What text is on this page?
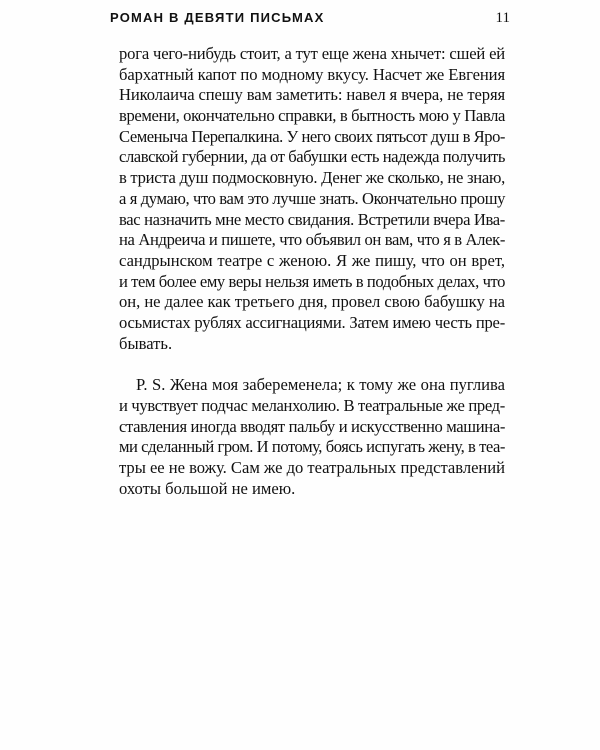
РОМАН В ДЕВЯТИ ПИСЬМАХ	11
рога чего-нибудь стоит, а тут еще жена хнычет: сшей ей
бархатный капот по модному вкусу. Насчет же Евгения
Николаича спешу вам заметить: навел я вчера, не теряя
времени, окончательно справки, в бытность мою у Павла
Семеныча Перепалкина. У него своих пятьсот душ в Яро-
славской губернии, да от бабушки есть надежда получить
в триста душ подмосковную. Денег же сколько, не знаю,
а я думаю, что вам это лучше знать. Окончательно прошу
вас назначить мне место свидания. Встретили вчера Ива-
на Андреича и пишете, что объявил он вам, что я в Алек-
сандрынском театре с женою. Я же пишу, что он врет,
и тем более ему веры нельзя иметь в подобных делах, что
он, не далее как третьего дня, провел свою бабушку на
осьмистах рублях ассигнациями. Затем имею честь пре-
бывать.
P. S. Жена моя забеременела; к тому же она пуглива
и чувствует подчас меланхолию. В театральные же пред-
ставления иногда вводят пальбу и искусственно машина-
ми сделанный гром. И потому, боясь испугать жену, в теа-
тры ее не вожу. Сам же до театральных представлений
охоты большой не имею.
